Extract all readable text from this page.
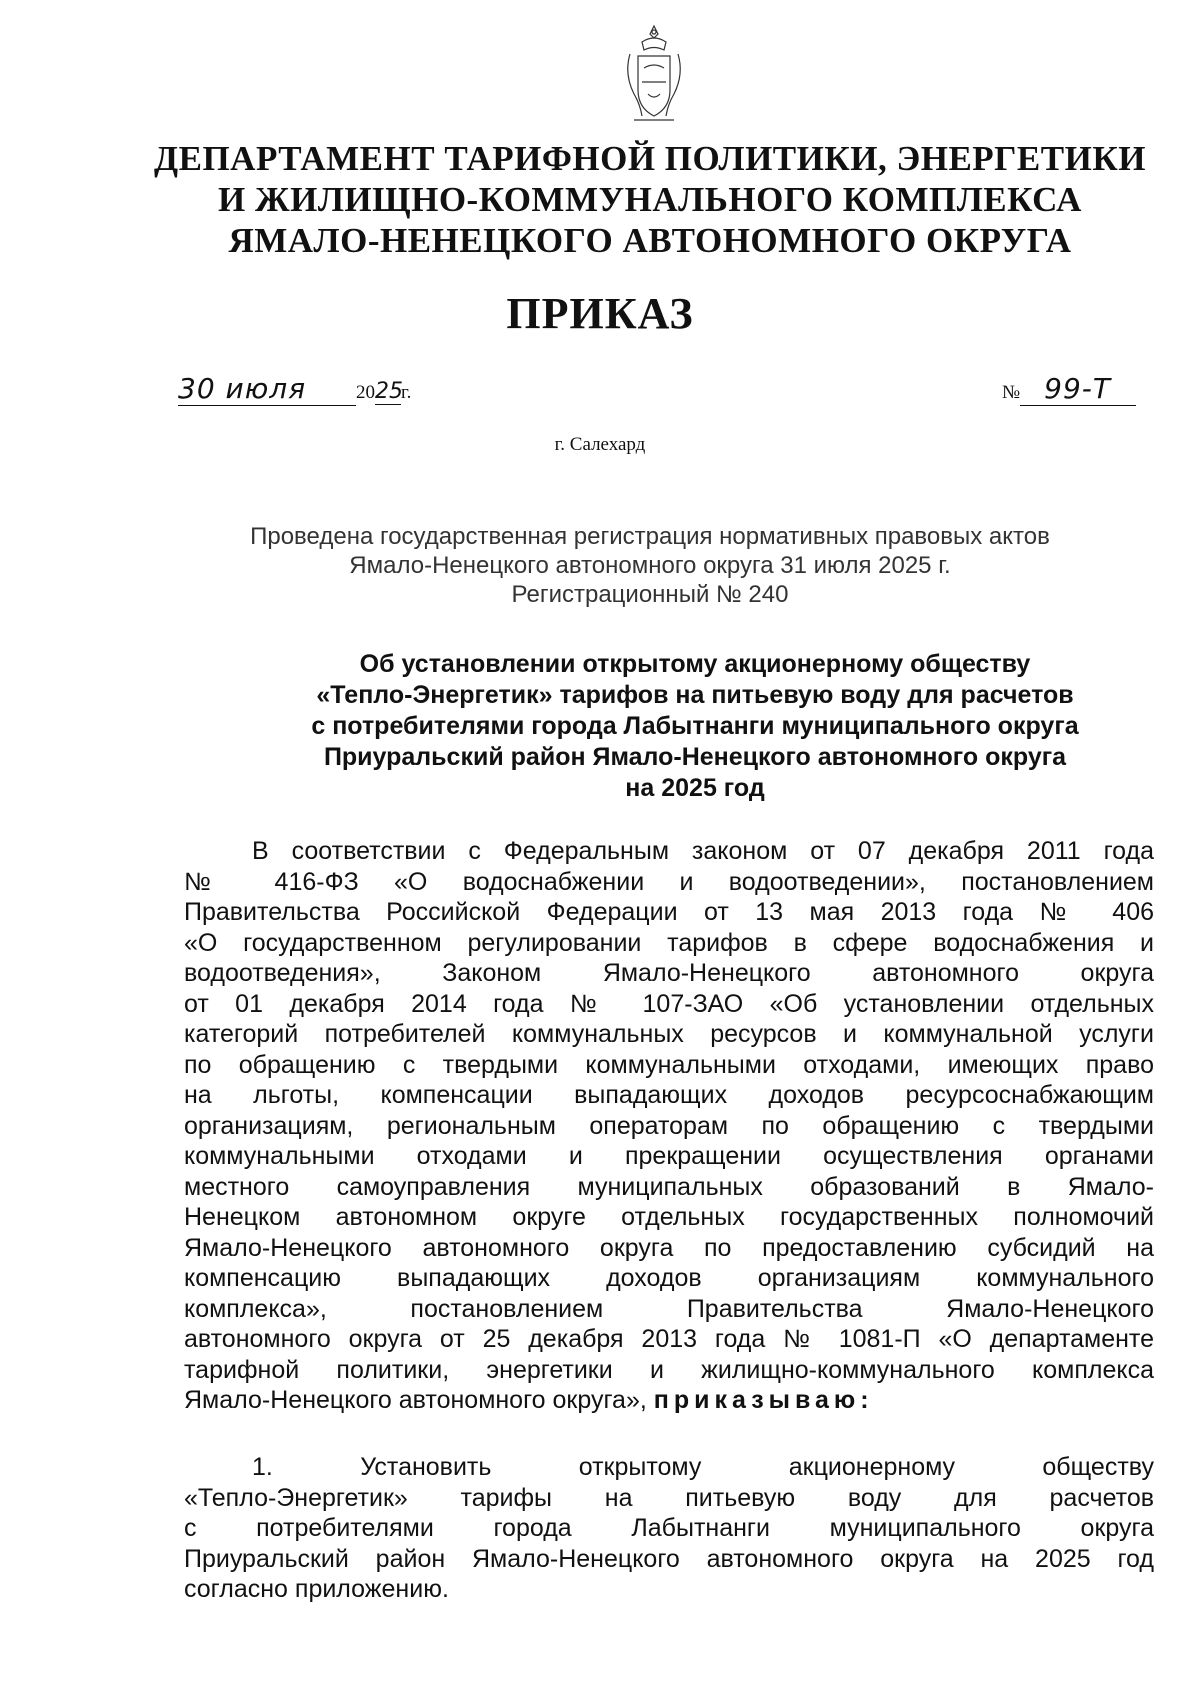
ДЕПАРТАМЕНТ ТАРИФНОЙ ПОЛИТИКИ, ЭНЕРГЕТИКИ
И ЖИЛИЩНО-КОММУНАЛЬНОГО КОМПЛЕКСА
ЯМАЛО-НЕНЕЦКОГО АВТОНОМНОГО ОКРУГА
ПРИКАЗ
30 июля	2025г.	№ 99-Т
г. Салехард
Проведена государственная регистрация нормативных правовых актов
Ямало-Ненецкого автономного округа 31 июля 2025 г.
Регистрационный № 240
Об установлении открытому акционерному обществу
«Тепло-Энергетик» тарифов на питьевую воду для расчетов
с потребителями города Лабытнанги муниципального округа
Приуральский район Ямало-Ненецкого автономного округа
на 2025 год
В соответствии с Федеральным законом от 07 декабря 2011 года
№ 416-ФЗ «О водоснабжении и водоотведении», постановлением
Правительства Российской Федерации от 13 мая 2013 года № 406
«О государственном регулировании тарифов в сфере водоснабжения и
водоотведения», Законом Ямало-Ненецкого автономного округа
от 01 декабря 2014 года № 107-ЗАО «Об установлении отдельных
категорий потребителей коммунальных ресурсов и коммунальной услуги
по обращению с твердыми коммунальными отходами, имеющих право
на льготы, компенсации выпадающих доходов ресурсоснабжающим
организациям, региональным операторам по обращению с твердыми
коммунальными отходами и прекращении осуществления органами
местного самоуправления муниципальных образований в Ямало-
Ненецком автономном округе отдельных государственных полномочий
Ямало-Ненецкого автономного округа по предоставлению субсидий на
компенсацию выпадающих доходов организациям коммунального
комплекса», постановлением Правительства Ямало-Ненецкого
автономного округа от 25 декабря 2013 года № 1081-П «О департаменте
тарифной политики, энергетики и жилищно-коммунального комплекса
Ямало-Ненецкого автономного округа», приказываю:
1. Установить открытому акционерному обществу
«Тепло-Энергетик» тарифы на питьевую воду для расчетов
с потребителями города Лабытнанги муниципального округа
Приуральский район Ямало-Ненецкого автономного округа на 2025 год
согласно приложению.
